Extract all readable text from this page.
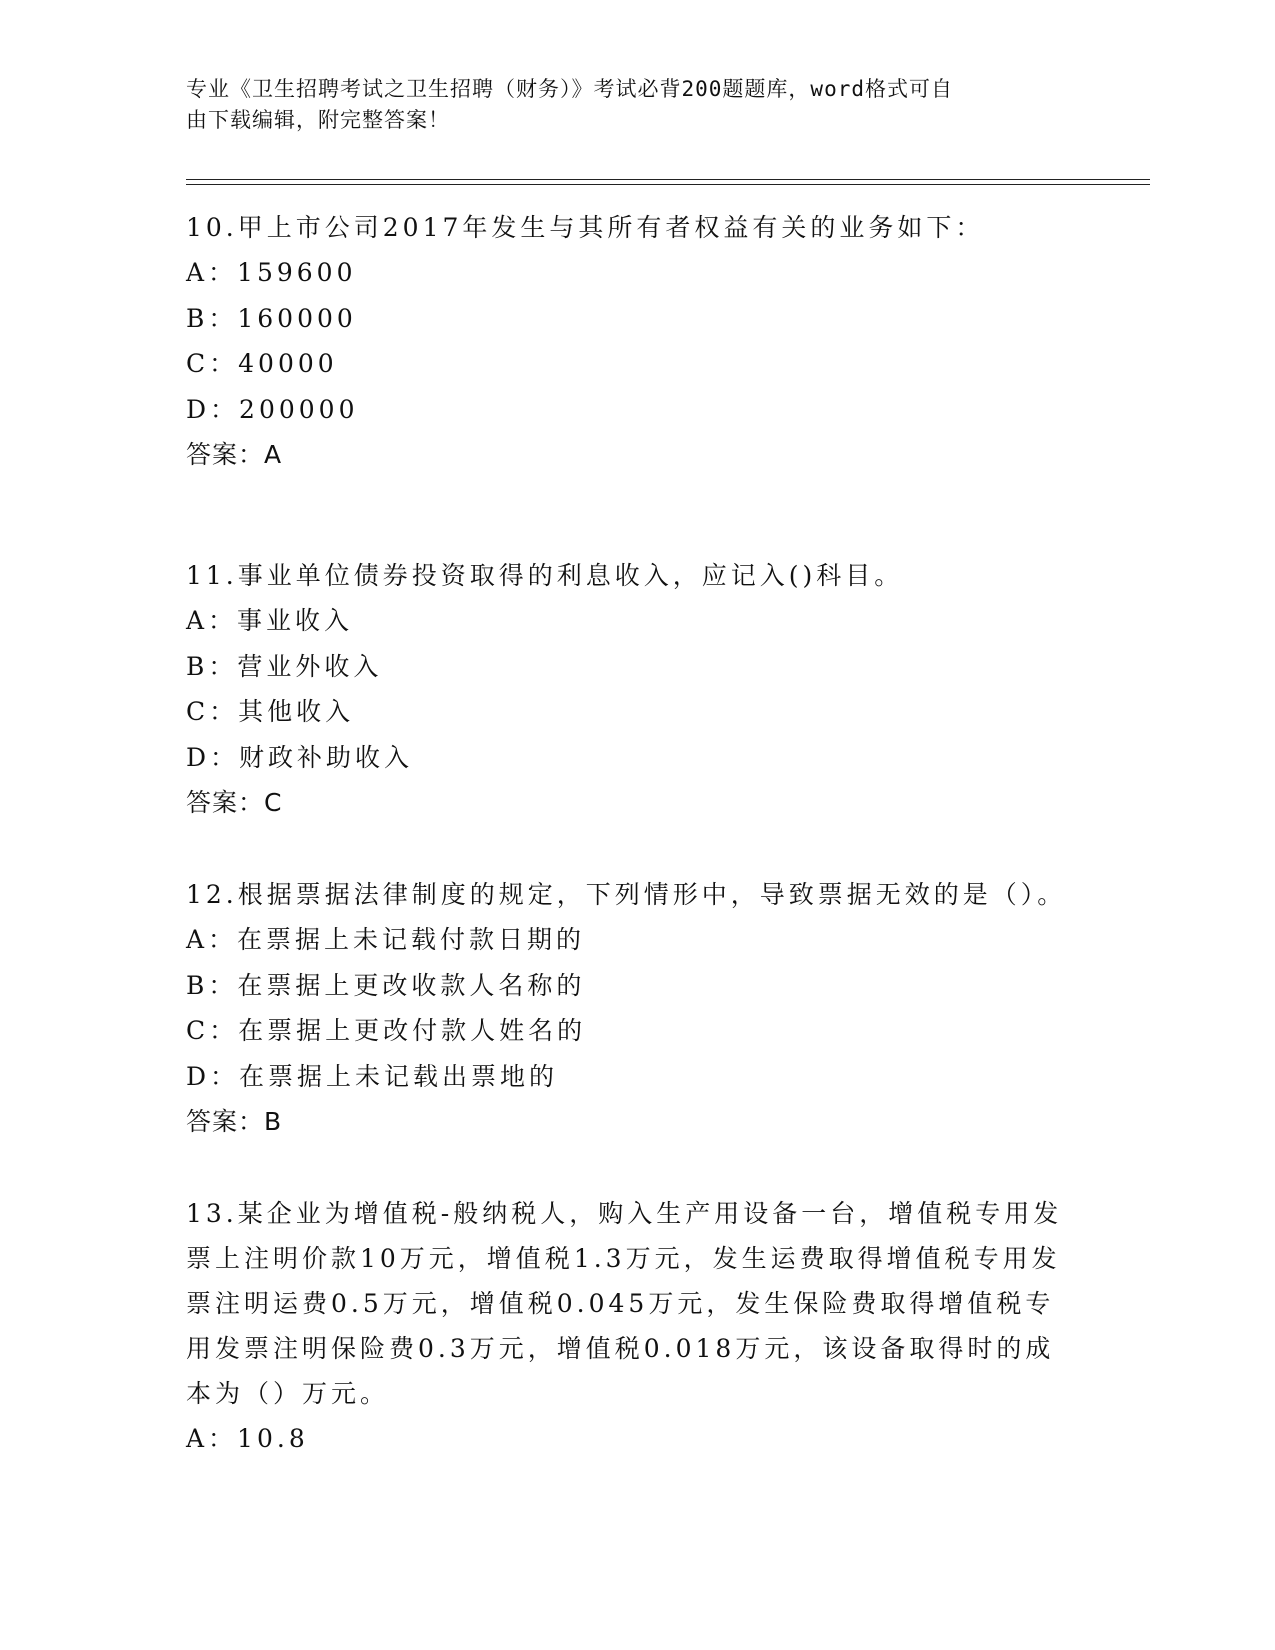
专业《卫生招聘考试之卫生招聘（财务）》考试必背200题题库，word格式可自
由下载编辑，附完整答案！

10.甲上市公司2017年发生与其所有者权益有关的业务如下：

A：159600

B：160000

C：40000

D：200000

答案：A

11.事业单位债券投资取得的利息收入，应记入()科目。

A：事业收入

B：营业外收入

C：其他收入

D：财政补助收入

答案：C

12.根据票据法律制度的规定，下列情形中，导致票据无效的是（）。

A：在票据上未记载付款日期的

B：在票据上更改收款人名称的

C：在票据上更改付款人姓名的

D：在票据上未记载出票地的

答案：B

13.某企业为增值税-般纳税人，购入生产用设备一台，增值税专用发

票上注明价款10万元，增值税1.3万元，发生运费取得增值税专用发

票注明运费0.5万元，增值税0.045万元，发生保险费取得增值税专

用发票注明保险费0.3万元，增值税0.018万元，该设备取得时的成

本为（）万元。

A：10.8
